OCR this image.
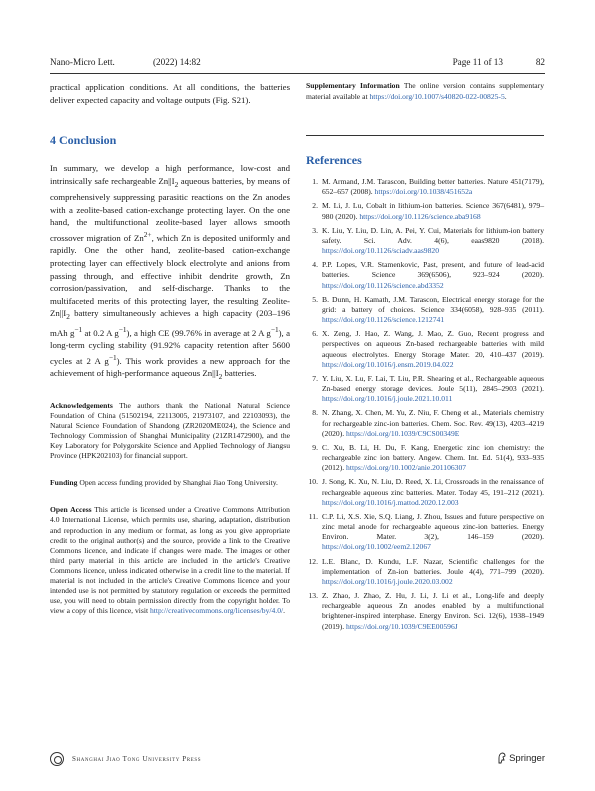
Nano-Micro Lett.	(2022) 14:82	Page 11 of 13	82

practical application conditions. At all conditions, the batteries deliver expected capacity and voltage outputs (Fig. S21).

4 Conclusion

In summary, we develop a high performance, low-cost and intrinsically safe rechargeable $Zn||I_2$ aqueous batteries, by means of comprehensively suppressing parasitic reactions on the Zn anodes with a zeolite-based cation-exchange protecting layer. On the one hand, the multifunctional zeolite-based layer allows smooth crossover migration of $Zn^{2+}$, which Zn is deposited uniformly and rapidly. One the other hand, zeolite-based cation-exchange protecting layer can effectively block electrolyte and anions from passing through, and effective inhibit dendrite growth, Zn corrosion/passivation, and self-discharge. Thanks to the multifaceted merits of this protecting layer, the resulting Zeolite-$Zn||I_2$ battery simultaneously achieves a high capacity (203–196 mAh $g^{-1}$ at 0.2 A $g^{-1}$), a high CE (99.76% in average at 2 A $g^{-1}$), a long-term cycling stability (91.92% capacity retention after 5600 cycles at 2 A $g^{-1}$). This work provides a new approach for the achievement of high-performance aqueous $Zn||I_2$ batteries.

Acknowledgements The authors thank the National Natural Science Foundation of China (51502194, 22113005, 21973107, and 22103093), the Natural Science Foundation of Shandong (ZR2020ME024), the Science and Technology Commission of Shanghai Municipality (21ZR1472900), and the Key Laboratory for Polygorskite Science and Applied Technology of Jiangsu Province (HPK202103) for financial support.

Funding Open access funding provided by Shanghai Jiao Tong University.

Open Access This article is licensed under a Creative Commons Attribution 4.0 International License, which permits use, sharing, adaptation, distribution and reproduction in any medium or format, as long as you give appropriate credit to the original author(s) and the source, provide a link to the Creative Commons licence, and indicate if changes were made. The images or other third party material in this article are included in the article's Creative Commons licence, unless indicated otherwise in a credit line to the material. If material is not included in the article's Creative Commons licence and your intended use is not permitted by statutory regulation or exceeds the permitted use, you will need to obtain permission directly from the copyright holder. To view a copy of this licence, visit http://creativecommons.org/licenses/by/4.0/.

Supplementary Information The online version contains supplementary material available at https://doi.org/10.1007/s40820-022-00825-5.

References
1. M. Armand, J.M. Tarascon, Building better batteries. Nature 451(7179), 652–657 (2008). https://doi.org/10.1038/451652a
2. M. Li, J. Lu, Cobalt in lithium-ion batteries. Science 367(6481), 979–980 (2020). https://doi.org/10.1126/science.aba9168
3. K. Liu, Y. Liu, D. Lin, A. Pei, Y. Cui, Materials for lithium-ion battery safety. Sci. Adv. 4(6), eaas9820 (2018). https://doi.org/10.1126/sciadv.aas9820
4. P.P. Lopes, V.R. Stamenkovic, Past, present, and future of lead-acid batteries. Science 369(6506), 923–924 (2020). https://doi.org/10.1126/science.abd3352
5. B. Dunn, H. Kamath, J.M. Tarascon, Electrical energy storage for the grid: a battery of choices. Science 334(6058), 928–935 (2011). https://doi.org/10.1126/science.1212741
6. X. Zeng, J. Hao, Z. Wang, J. Mao, Z. Guo, Recent progress and perspectives on aqueous Zn-based rechargeable batteries with mild aqueous electrolytes. Energy Storage Mater. 20, 410–437 (2019). https://doi.org/10.1016/j.ensm.2019.04.022
7. Y. Liu, X. Lu, F. Lai, T. Liu, P.R. Shearing et al., Rechargeable aqueous Zn-based energy storage devices. Joule 5(11), 2845–2903 (2021). https://doi.org/10.1016/j.joule.2021.10.011
8. N. Zhang, X. Chen, M. Yu, Z. Niu, F. Cheng et al., Materials chemistry for rechargeable zinc-ion batteries. Chem. Soc. Rev. 49(13), 4203–4219 (2020). https://doi.org/10.1039/C9CS00349E
9. C. Xu, B. Li, H. Du, F. Kang, Energetic zinc ion chemistry: the rechargeable zinc ion battery. Angew. Chem. Int. Ed. 51(4), 933–935 (2012). https://doi.org/10.1002/anie.201106307
10. J. Song, K. Xu, N. Liu, D. Reed, X. Li, Crossroads in the renaissance of rechargeable aqueous zinc batteries. Mater. Today 45, 191–212 (2021). https://doi.org/10.1016/j.mattod.2020.12.003
11. C.P. Li, X.S. Xie, S.Q. Liang, J. Zhou, Issues and future perspective on zinc metal anode for rechargeable aqueous zinc-ion batteries. Energy Environ. Mater. 3(2), 146–159 (2020). https://doi.org/10.1002/eem2.12067
12. L.E. Blanc, D. Kundu, L.F. Nazar, Scientific challenges for the implementation of Zn-ion batteries. Joule 4(4), 771–799 (2020). https://doi.org/10.1016/j.joule.2020.03.002
13. Z. Zhao, J. Zhao, Z. Hu, J. Li, J. Li et al., Long-life and deeply rechargeable aqueous Zn anodes enabled by a multifunctional brightener-inspired interphase. Energy Environ. Sci. 12(6), 1938–1949 (2019). https://doi.org/10.1039/C9EE00596J
Shanghai Jiao Tong University Press	Springer
